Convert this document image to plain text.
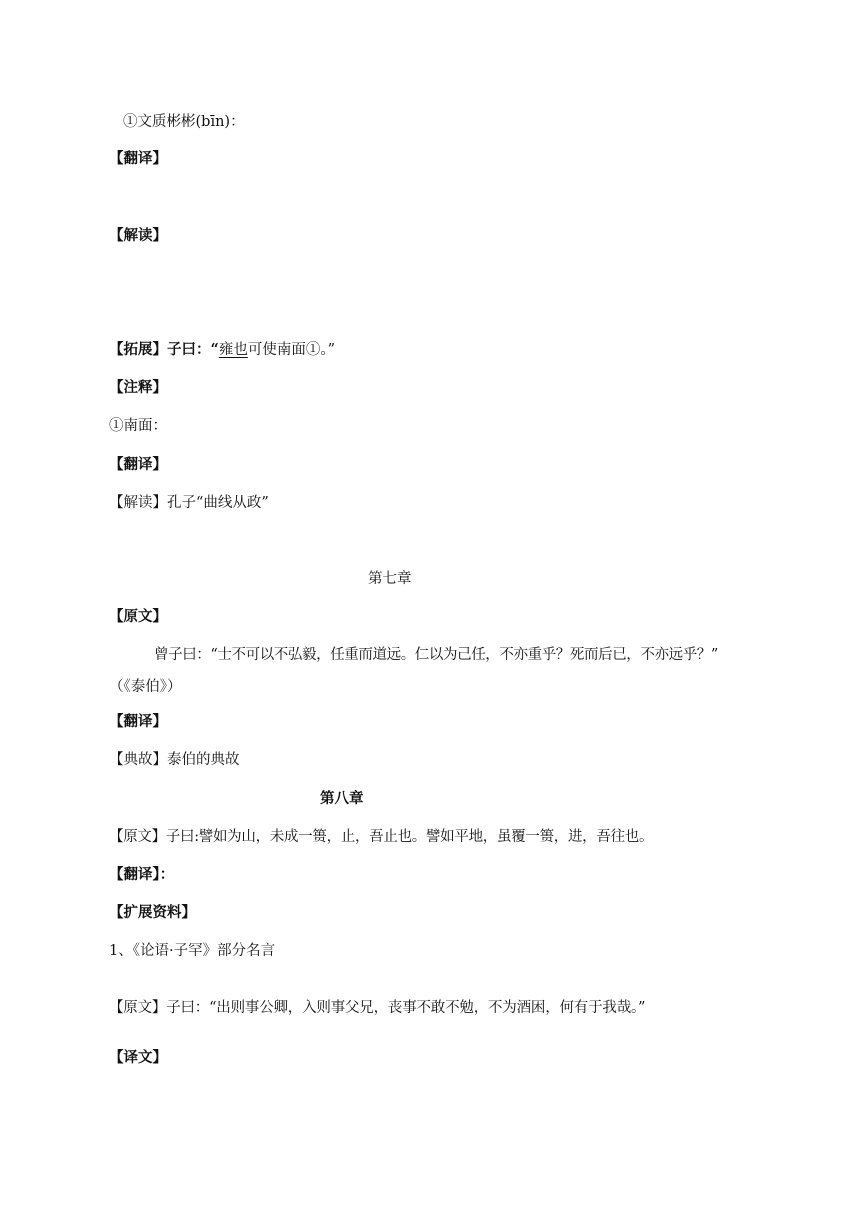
①文质彬彬(bīn)：
【翻译】
【解读】
【拓展】子曰：“雍也可使南面①。”
【注释】
①南面：
【翻译】
【解读】孔子“曲线从政”
第七章
【原文】
曾子曰：“士不可以不弘毅，任重而道远。仁以为己任，不亦重乎？死而后已，不亦远乎？”
（《泰伯》）
【翻译】
【典故】泰伯的典故
第八章
【原文】子曰:譬如为山，未成一篑，止，吾止也。譬如平地，虽覆一篑，进，吾往也。
【翻译】：
【扩展资料】
1、《论语·子罕》部分名言
【原文】子曰：“出则事公卿，入则事父兄，丧事不敢不勉，不为酒困，何有于我哉。”
【译文】
